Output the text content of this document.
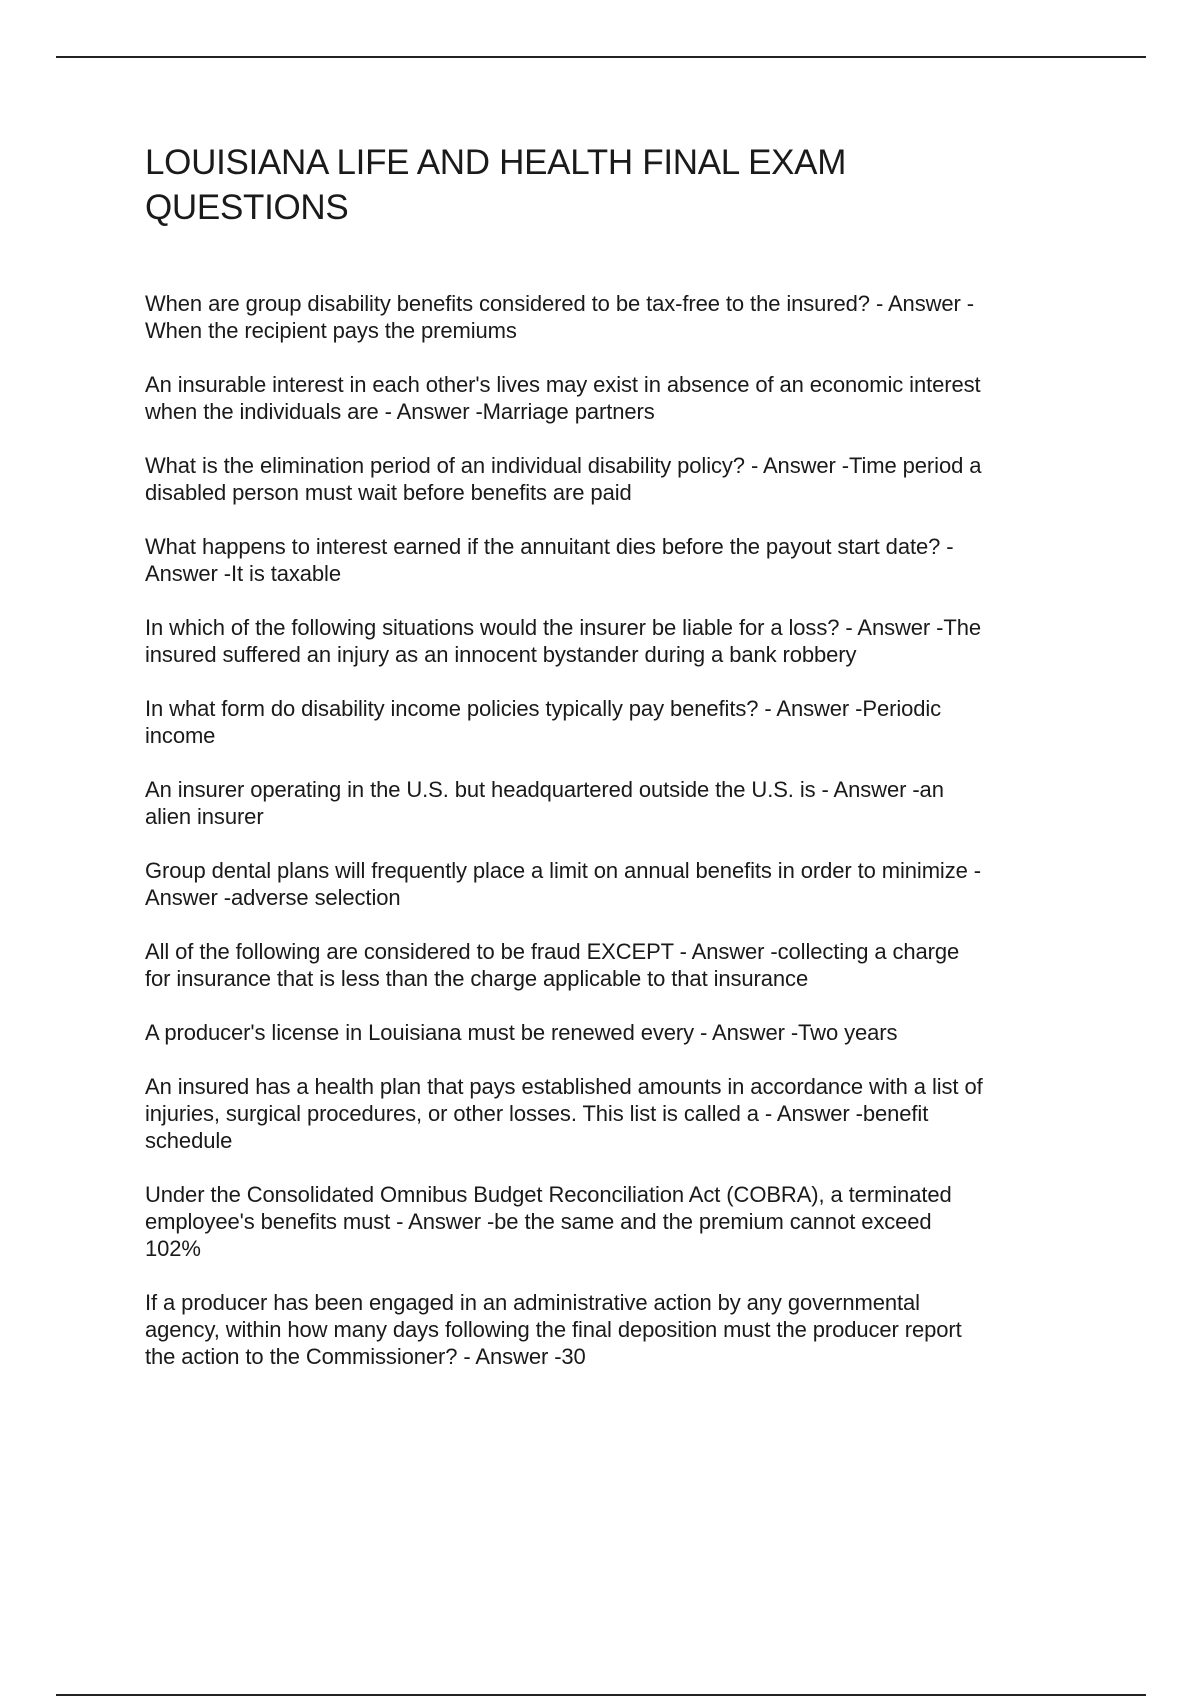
LOUISIANA LIFE AND HEALTH FINAL EXAM
QUESTIONS

When are group disability benefits considered to be tax-free to the insured? - Answer -
When the recipient pays the premiums

An insurable interest in each other's lives may exist in absence of an economic interest
when the individuals are - Answer -Marriage partners

What is the elimination period of an individual disability policy? - Answer -Time period a
disabled person must wait before benefits are paid

What happens to interest earned if the annuitant dies before the payout start date? -
Answer -It is taxable

In which of the following situations would the insurer be liable for a loss? - Answer -The
insured suffered an injury as an innocent bystander during a bank robbery

In what form do disability income policies typically pay benefits? - Answer -Periodic
income

An insurer operating in the U.S. but headquartered outside the U.S. is - Answer -an
alien insurer

Group dental plans will frequently place a limit on annual benefits in order to minimize -
Answer -adverse selection

All of the following are considered to be fraud EXCEPT - Answer -collecting a charge
for insurance that is less than the charge applicable to that insurance

A producer's license in Louisiana must be renewed every - Answer -Two years

An insured has a health plan that pays established amounts in accordance with a list of
injuries, surgical procedures, or other losses. This list is called a - Answer -benefit
schedule

Under the Consolidated Omnibus Budget Reconciliation Act (COBRA), a terminated
employee's benefits must - Answer -be the same and the premium cannot exceed
102%

If a producer has been engaged in an administrative action by any governmental
agency, within how many days following the final deposition must the producer report
the action to the Commissioner? - Answer -30
